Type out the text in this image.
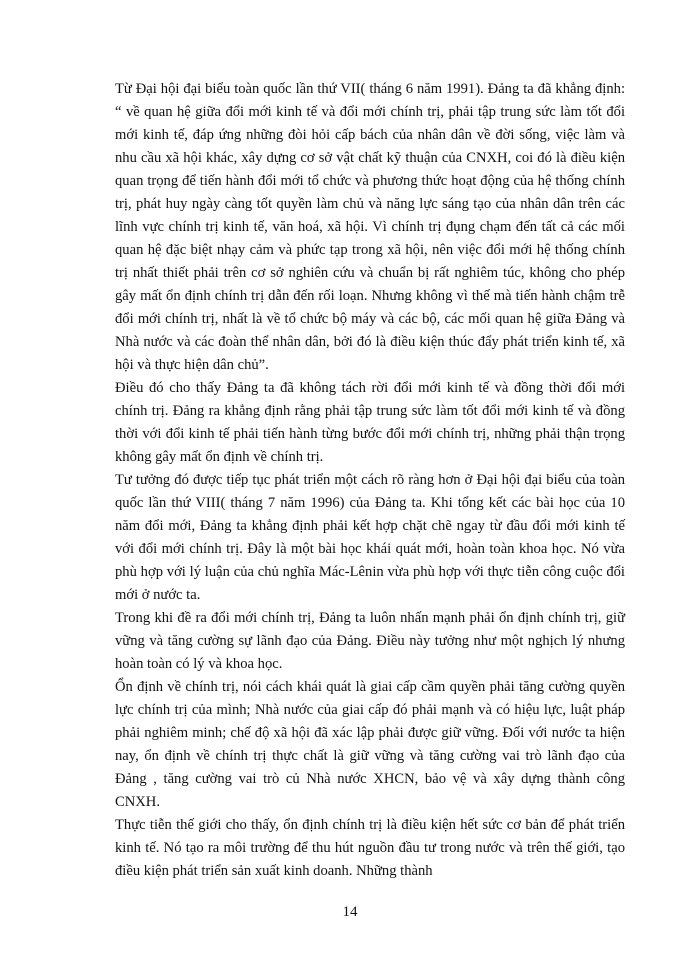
Từ Đại hội đại biểu toàn quốc lần thứ VII( tháng 6 năm 1991). Đảng ta đã khẳng định: “ về quan hệ giữa đổi mới kinh tế và đổi mới chính trị, phải tập trung sức làm tốt đổi mới kinh tế, đáp ứng những đòi hỏi cấp bách của nhân dân về đời sống, việc làm và nhu cầu xã hội khác, xây dựng cơ sở vật chất kỹ thuận của CNXH, coi đó là điều kiện quan trọng để tiến hành đổi mới tổ chức và phương thức hoạt động của hệ thống chính trị, phát huy ngày càng tốt quyền làm chủ và năng lực sáng tạo của nhân dân trên các lĩnh vực chính trị kinh tế, văn hoá, xã hội. Vì chính trị đụng chạm đến tất cả các mối quan hệ đặc biệt nhạy cảm và phức tạp trong xã hội, nên việc đổi mới hệ thống chính trị nhất thiết phải trên cơ sở nghiên cứu và chuẩn bị rất nghiêm túc, không cho phép gây mất ổn định chính trị dẫn đến rối loạn. Nhưng không vì thế mà tiến hành chậm trễ đổi mới chính trị, nhất là về tổ chức bộ máy và các bộ, các mối quan hệ giữa Đảng và Nhà nước và các đoàn thể nhân dân, bởi đó là điều kiện thúc đẩy phát triển kinh tế, xã hội và thực hiện dân chủ”.

Điều đó cho thấy Đảng ta đã không tách rời đổi mới kinh tế và đồng thời đổi mới chính trị. Đảng ra khẳng định rằng phải tập trung sức làm tốt đổi mới kinh tế và đồng thời với đổi kinh tế phải tiến hành từng bước đổi mới chính trị, những phải thận trọng không gây mất ổn định về chính trị.

Tư tưởng đó được tiếp tục phát triển một cách rõ ràng hơn ở Đại hội đại biểu của toàn quốc lần thứ VIII( tháng 7 năm 1996) của Đảng ta. Khi tổng kết các bài học của 10 năm đổi mới, Đảng ta khẳng định phải kết hợp chặt chẽ ngay từ đầu đổi mới kinh tế với đổi mới chính trị. Đây là một bài học khái quát mới, hoàn toàn khoa học. Nó vừa phù hợp với lý luận của chủ nghĩa Mác-Lênin vừa phù hợp với thực tiễn công cuộc đổi mới ở nước ta.

Trong khi đề ra đổi mới chính trị, Đảng ta luôn nhấn mạnh phải ổn định chính trị, giữ vững và tăng cường sự lãnh đạo của Đảng. Điều này tưởng như một nghịch lý nhưng hoàn toàn có lý và khoa học.

Ổn định về chính trị, nói cách khái quát là giai cấp cầm quyền phải tăng cường quyền lực chính trị của mình; Nhà nước của giai cấp đó phải mạnh và có hiệu lực, luật pháp phải nghiêm minh; chế độ xã hội đã xác lập phải được giữ vững. Đối với nước ta hiện nay, ổn định về chính trị thực chất là giữ vững và tăng cường vai trò lãnh đạo của Đảng , tăng cường vai trò củ Nhà nước XHCN, bảo vệ và xây dựng thành công CNXH.

Thực tiễn thế giới cho thấy, ổn định chính trị là điều kiện hết sức cơ bản để phát triển kinh tế. Nó tạo ra môi trường để thu hút nguồn đầu tư trong nước và trên thế giới, tạo điều kiện phát triển sản xuất kinh doanh. Những thành

14
